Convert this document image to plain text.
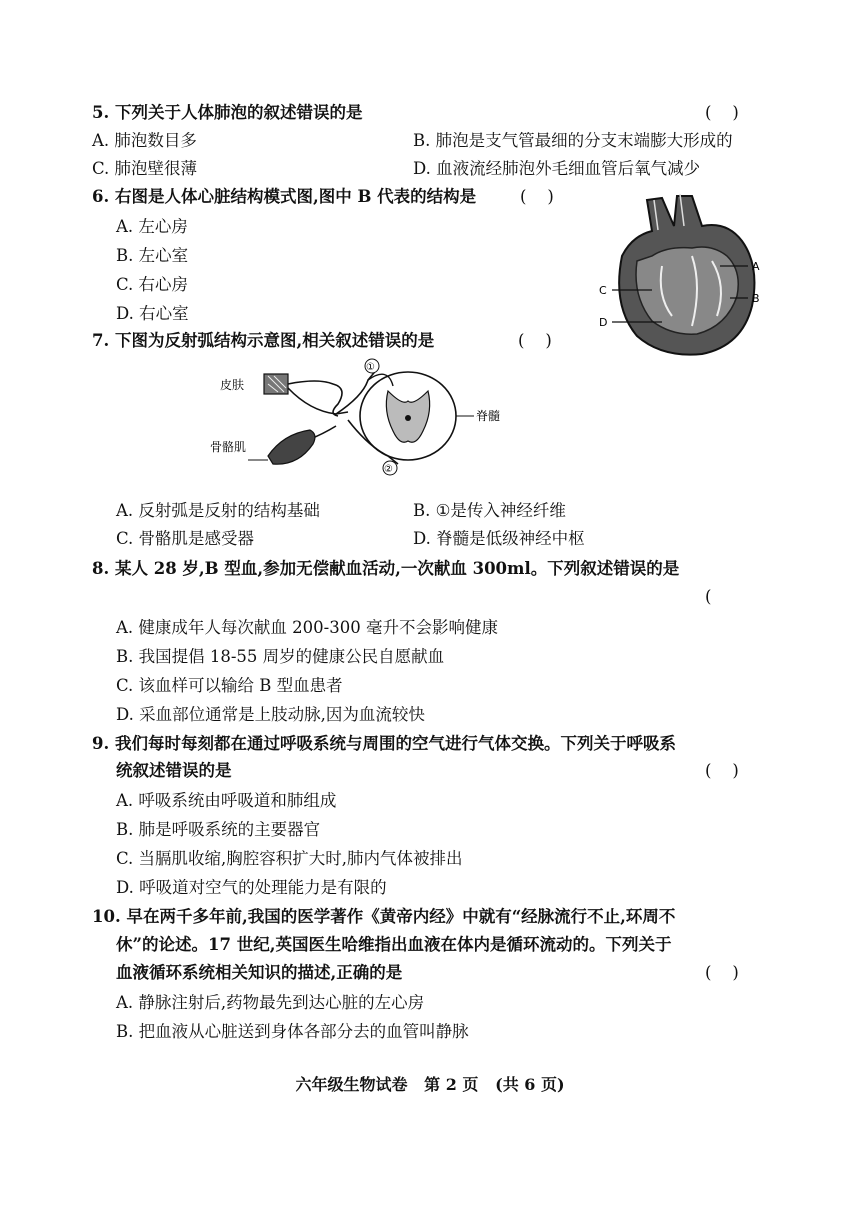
5. 下列关于人体肺泡的叙述错误的是	(    )
A. 肺泡数目多	B. 肺泡是支气管最细的分支末端膨大形成的
C. 肺泡壁很薄	D. 血液流经肺泡外毛细血管后氧气减少
6. 右图是人体心脏结构模式图,图中 B 代表的结构是	(    )
A. 左心房
B. 左心室
C. 右心房
D. 右心室
A
B
C
D
7. 下图为反射弧结构示意图,相关叙述错误的是	(    )
皮肤
骨骼肌
脊髓
①
②
A. 反射弧是反射的结构基础	B. ①是传入神经纤维
C. 骨骼肌是感受器	D. 脊髓是低级神经中枢
8. 某人 28 岁,B 型血,参加无偿献血活动,一次献血 300ml。下列叙述错误的是
(
A. 健康成年人每次献血 200-300 毫升不会影响健康
B. 我国提倡 18-55 周岁的健康公民自愿献血
C. 该血样可以输给 B 型血患者
D. 采血部位通常是上肢动脉,因为血流较快
9. 我们每时每刻都在通过呼吸系统与周围的空气进行气体交换。下列关于呼吸系
统叙述错误的是	(    )
A. 呼吸系统由呼吸道和肺组成
B. 肺是呼吸系统的主要器官
C. 当膈肌收缩,胸腔容积扩大时,肺内气体被排出
D. 呼吸道对空气的处理能力是有限的
10. 早在两千多年前,我国的医学著作《黄帝内经》中就有“经脉流行不止,环周不
休”的论述。17 世纪,英国医生哈维指出血液在体内是循环流动的。下列关于
血液循环系统相关知识的描述,正确的是	(    )
A. 静脉注射后,药物最先到达心脏的左心房
B. 把血液从心脏送到身体各部分去的血管叫静脉
六年级生物试卷   第 2 页   (共 6 页)
